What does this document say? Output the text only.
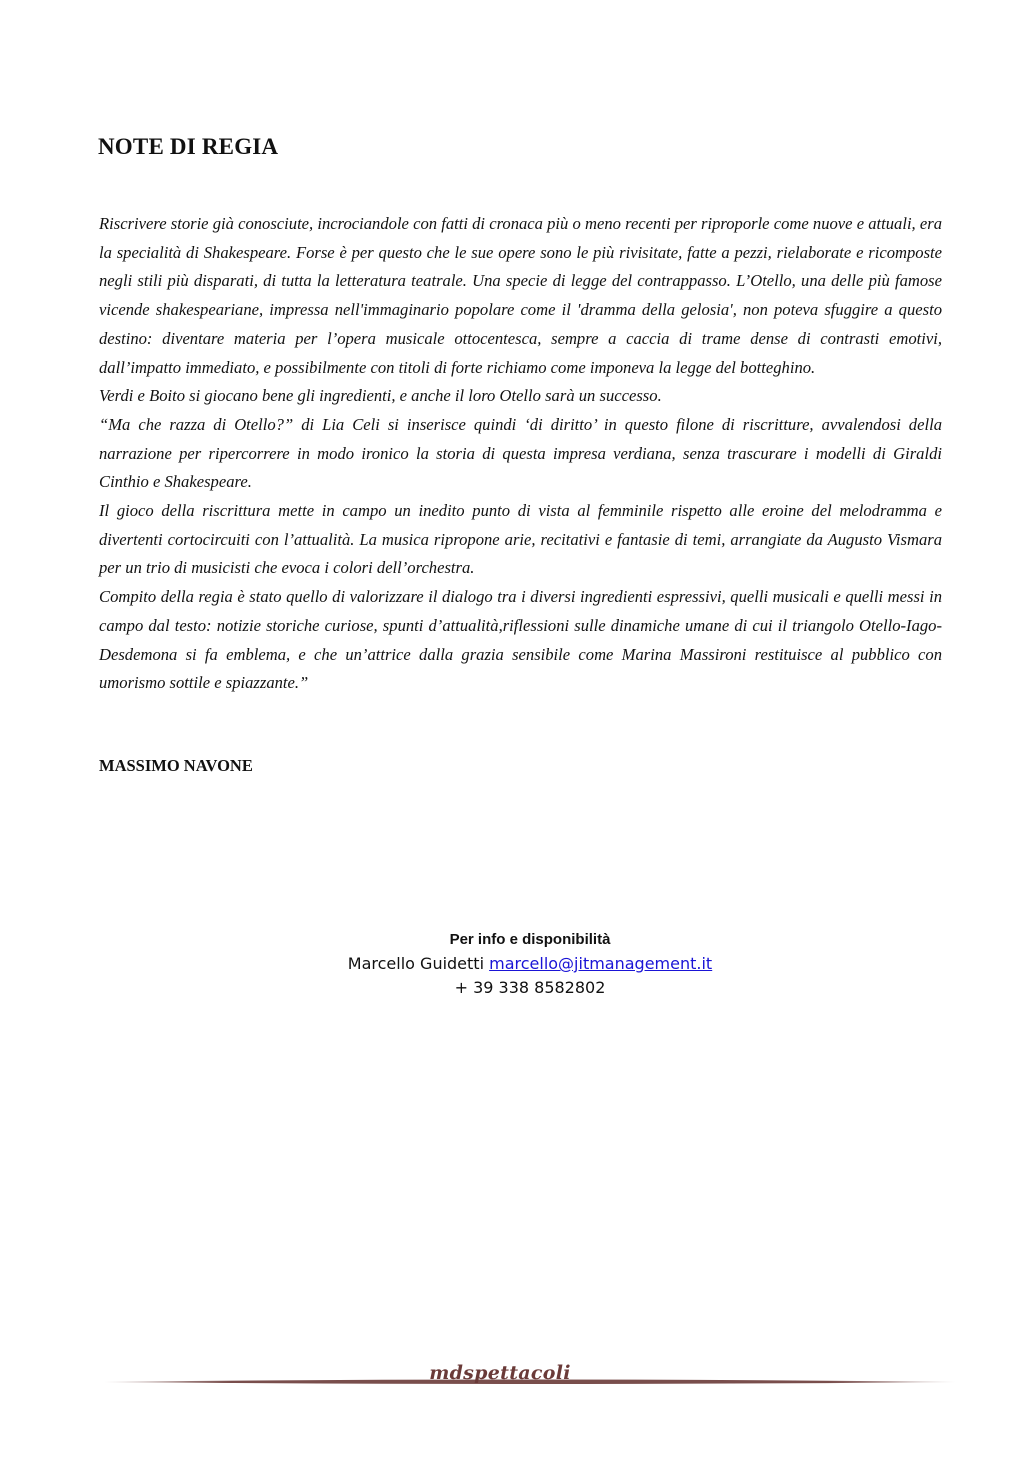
NOTE DI REGIA

Riscrivere storie già conosciute, incrociandole con fatti di cronaca più o meno recenti per riproporle come nuove e attuali, era la specialità di Shakespeare. Forse è per questo che le sue opere sono le più rivisitate, fatte a pezzi, rielaborate e ricomposte negli stili più disparati, di tutta la letteratura teatrale. Una specie di legge del contrappasso. L’Otello, una delle più famose vicende shakespeariane, impressa nell'immaginario popolare come il 'dramma della gelosia', non poteva sfuggire a questo destino: diventare materia per l’opera musicale ottocentesca, sempre a caccia di trame dense di contrasti emotivi, dall’impatto immediato, e possibilmente con titoli di forte richiamo come imponeva la legge del botteghino.

Verdi e Boito si giocano bene gli ingredienti, e anche il loro Otello sarà un successo.

“Ma che razza di Otello?” di Lia Celi si inserisce quindi ‘di diritto’ in questo filone di riscritture, avvalendosi della narrazione per ripercorrere in modo ironico la storia di questa impresa verdiana, senza trascurare i modelli di Giraldi Cinthio e Shakespeare.

Il gioco della riscrittura mette in campo un inedito punto di vista al femminile rispetto alle eroine del melodramma e divertenti cortocircuiti con l’attualità. La musica ripropone arie, recitativi e fantasie di temi, arrangiate da Augusto Vismara per un trio di musicisti che evoca i colori dell’orchestra.

Compito della regia è stato quello di valorizzare il dialogo tra i diversi ingredienti espressivi, quelli musicali e quelli messi in campo dal testo: notizie storiche curiose, spunti d’attualità,riflessioni sulle dinamiche umane di cui il triangolo Otello-Iago-Desdemona si fa emblema, e che un’attrice dalla grazia sensibile come Marina Massironi restituisce al pubblico con umorismo sottile e spiazzante.”

MASSIMO NAVONE

Per info e disponibilità
Marcello Guidetti marcello@jitmanagement.it
+ 39 338 8582802
mdspettacoli
